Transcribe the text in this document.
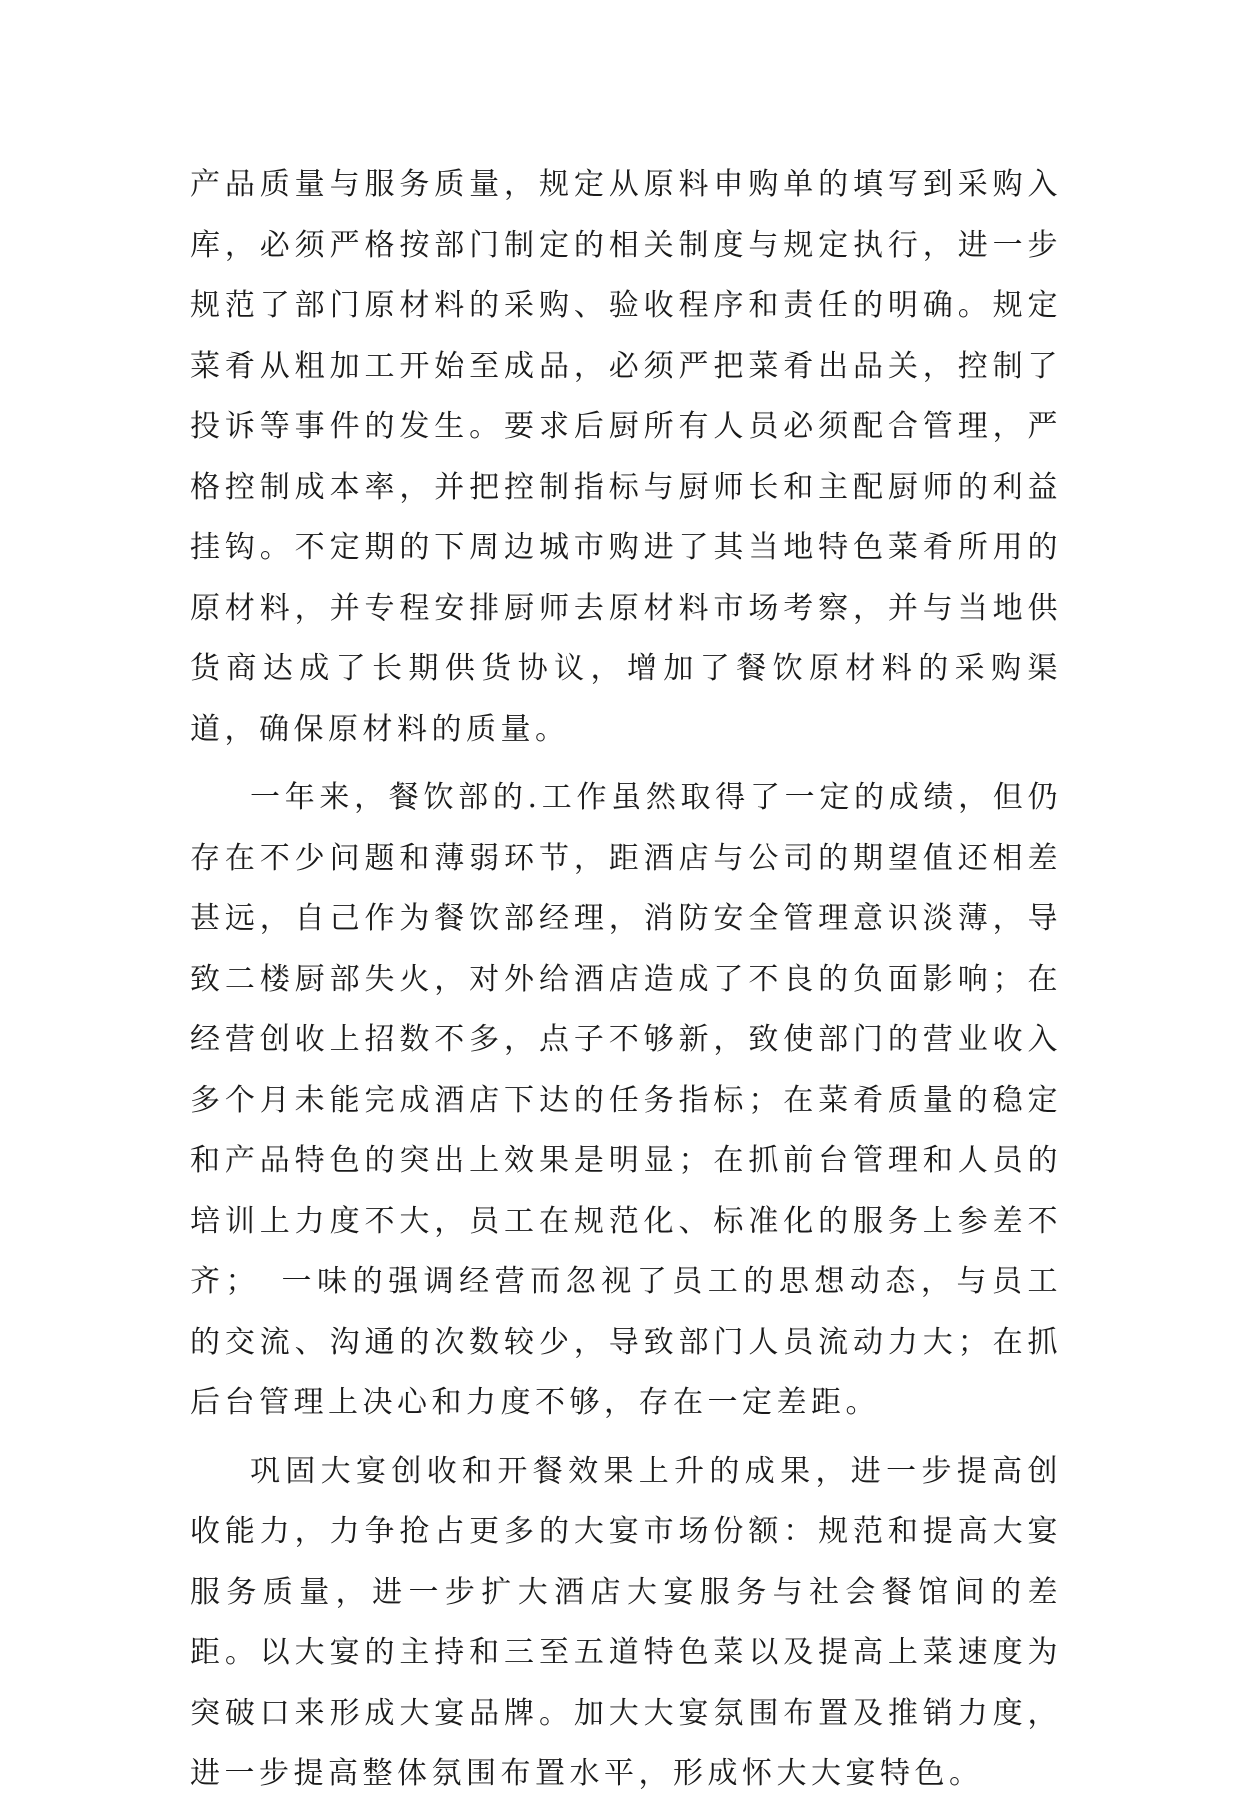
产品质量与服务质量，规定从原料申购单的填写到采购入库，必须严格按部门制定的相关制度与规定执行，进一步规范了部门原材料的采购、验收程序和责任的明确。规定菜肴从粗加工开始至成品，必须严把菜肴出品关，控制了投诉等事件的发生。要求后厨所有人员必须配合管理，严格控制成本率，并把控制指标与厨师长和主配厨师的利益挂钩。不定期的下周边城市购进了其当地特色菜肴所用的原材料，并专程安排厨师去原材料市场考察，并与当地供货商达成了长期供货协议，增加了餐饮原材料的采购渠道，确保原材料的质量。

一年来，餐饮部的.工作虽然取得了一定的成绩，但仍存在不少问题和薄弱环节，距酒店与公司的期望值还相差甚远，自己作为餐饮部经理，消防安全管理意识淡薄，导致二楼厨部失火，对外给酒店造成了不良的负面影响；在经营创收上招数不多，点子不够新，致使部门的营业收入多个月未能完成酒店下达的任务指标；在菜肴质量的稳定和产品特色的突出上效果是明显；在抓前台管理和人员的培训上力度不大，员工在规范化、标准化的服务上参差不齐；　一味的强调经营而忽视了员工的思想动态，与员工的交流、沟通的次数较少，导致部门人员流动力大；在抓后台管理上决心和力度不够，存在一定差距。

巩固大宴创收和开餐效果上升的成果，进一步提高创收能力，力争抢占更多的大宴市场份额：规范和提高大宴服务质量，进一步扩大酒店大宴服务与社会餐馆间的差距。以大宴的主持和三至五道特色菜以及提高上菜速度为突破口来形成大宴品牌。加大大宴氛围布置及推销力度，进一步提高整体氛围布置水平，形成怀大大宴特色。
